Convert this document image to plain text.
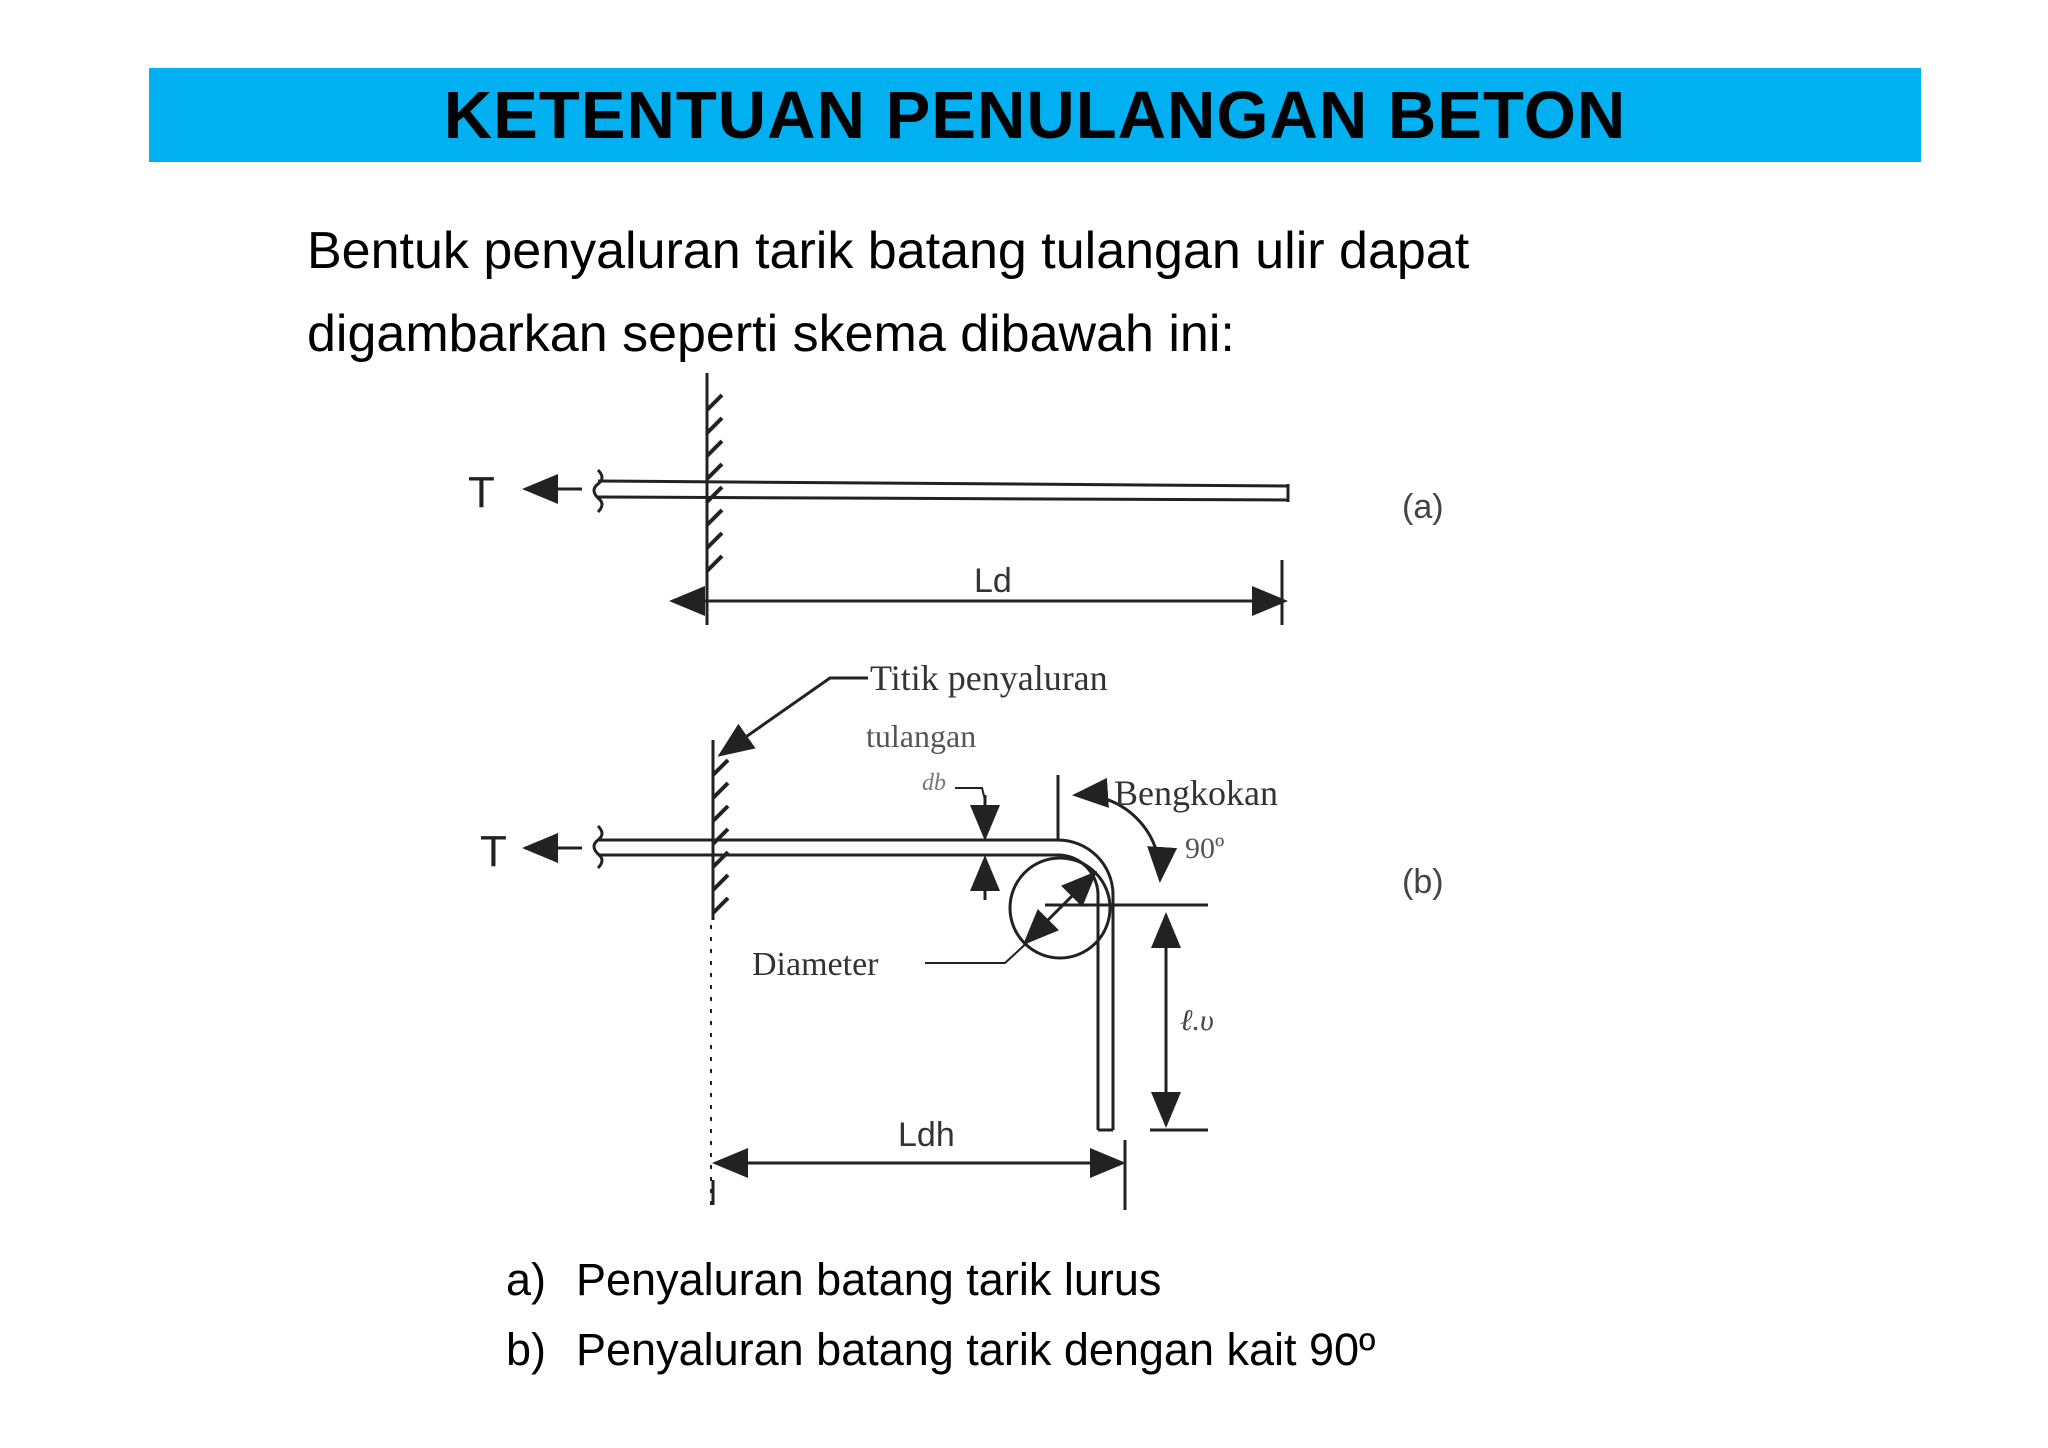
KETENTUAN PENULANGAN BETON
Bentuk penyaluran tarik batang tulangan ulir dapat
digambarkan seperti skema dibawah ini:
T
Ld
(a)
T
Titik penyaluran
tulangan
db	Bengkokan
90º
Diameter
ℓ.υ
Ldh
(b)
a) Penyaluran batang tarik lurus
b) Penyaluran batang tarik dengan kait 90º
